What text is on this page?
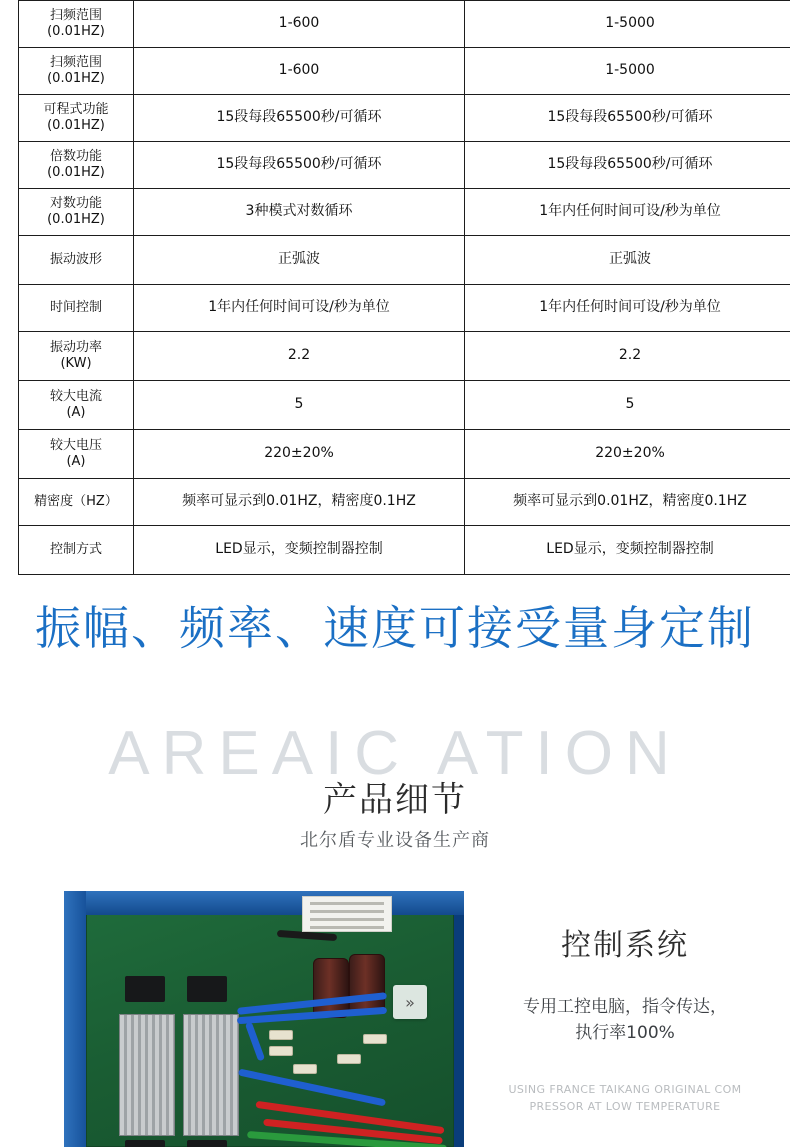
扫频范围
(0.01HZ)	1-600	1-5000

扫频范围
(0.01HZ)	1-600	1-5000

可程式功能
(0.01HZ)	15段每段65500秒/可循环	15段每段65500秒/可循环

倍数功能
(0.01HZ)	15段每段65500秒/可循环	15段每段65500秒/可循环

对数功能
(0.01HZ)	3种模式对数循环	1年内任何时间可设/秒为单位

振动波形	正弧波	正弧波

时间控制	1年内任何时间可设/秒为单位	1年内任何时间可设/秒为单位

振动功率
(KW)	2.2	2.2

较大电流
(A)	5	5

较大电压
(A)	220±20%	220±20%

精密度（HZ）	频率可显示到0.01HZ，精密度0.1HZ	频率可显示到0.01HZ，精密度0.1HZ

控制方式	LED显示，变频控制器控制	LED显示，变频控制器控制
振幅、频率、速度可接受量身定制
AREAIC ATION
产品细节
北尔盾专业设备生产商
»
控制系统
专用工控电脑，指令传达，
执行率100%
USING FRANCE TAIKANG ORIGINAL COM
PRESSOR AT LOW TEMPERATURE
